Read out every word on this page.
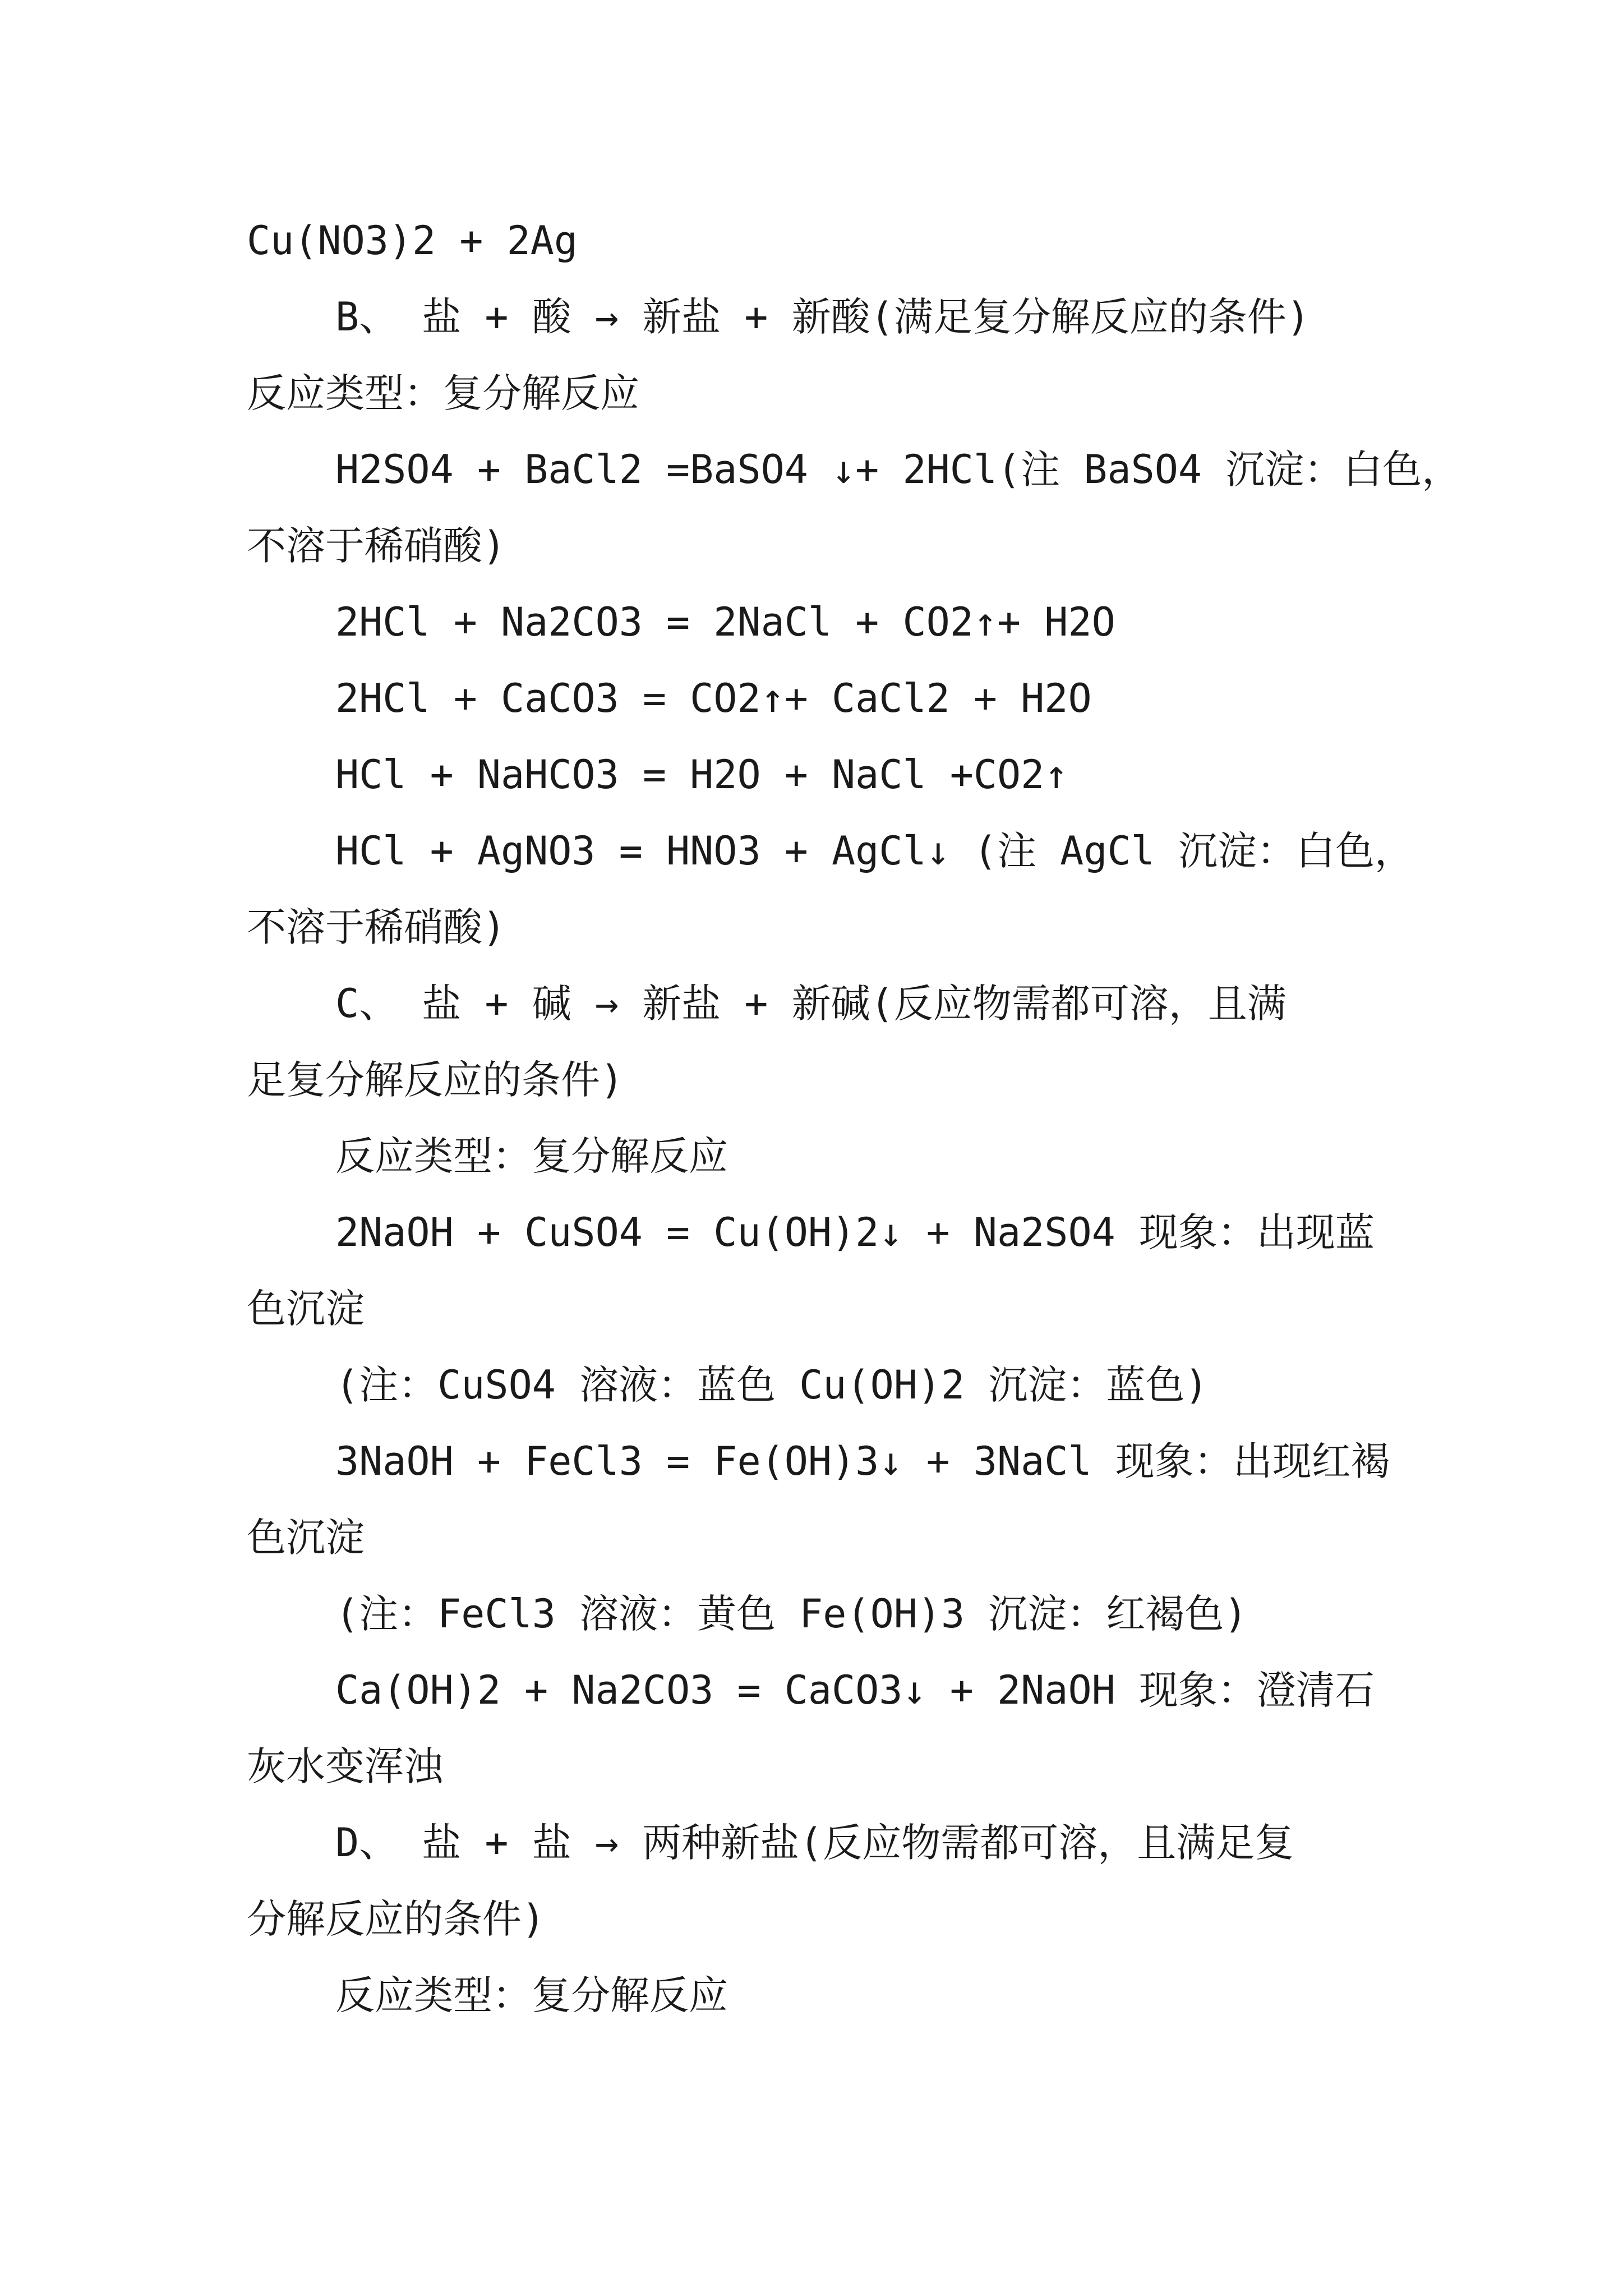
Cu(NO3)2 + 2Ag

B、 盐 + 酸 → 新盐 + 新酸(满足复分解反应的条件)

反应类型：复分解反应

H2SO4 + BaCl2 =BaSO4 ↓+ 2HCl(注 BaSO4 沉淀：白色，

不溶于稀硝酸)

2HCl + Na2CO3 = 2NaCl + CO2↑+ H2O

2HCl + CaCO3 = CO2↑+ CaCl2 + H2O

HCl + NaHCO3 = H2O + NaCl +CO2↑

HCl + AgNO3 = HNO3 + AgCl↓ (注 AgCl 沉淀：白色，

不溶于稀硝酸)

C、 盐 + 碱 → 新盐 + 新碱(反应物需都可溶，且满

足复分解反应的条件)

反应类型：复分解反应

2NaOH + CuSO4 = Cu(OH)2↓ + Na2SO4 现象：出现蓝

色沉淀

(注：CuSO4 溶液：蓝色 Cu(OH)2 沉淀：蓝色)

3NaOH + FeCl3 = Fe(OH)3↓ + 3NaCl 现象：出现红褐

色沉淀

(注：FeCl3 溶液：黄色 Fe(OH)3 沉淀：红褐色)

Ca(OH)2 + Na2CO3 = CaCO3↓ + 2NaOH 现象：澄清石

灰水变浑浊

D、 盐 + 盐 → 两种新盐(反应物需都可溶，且满足复

分解反应的条件)

反应类型：复分解反应
